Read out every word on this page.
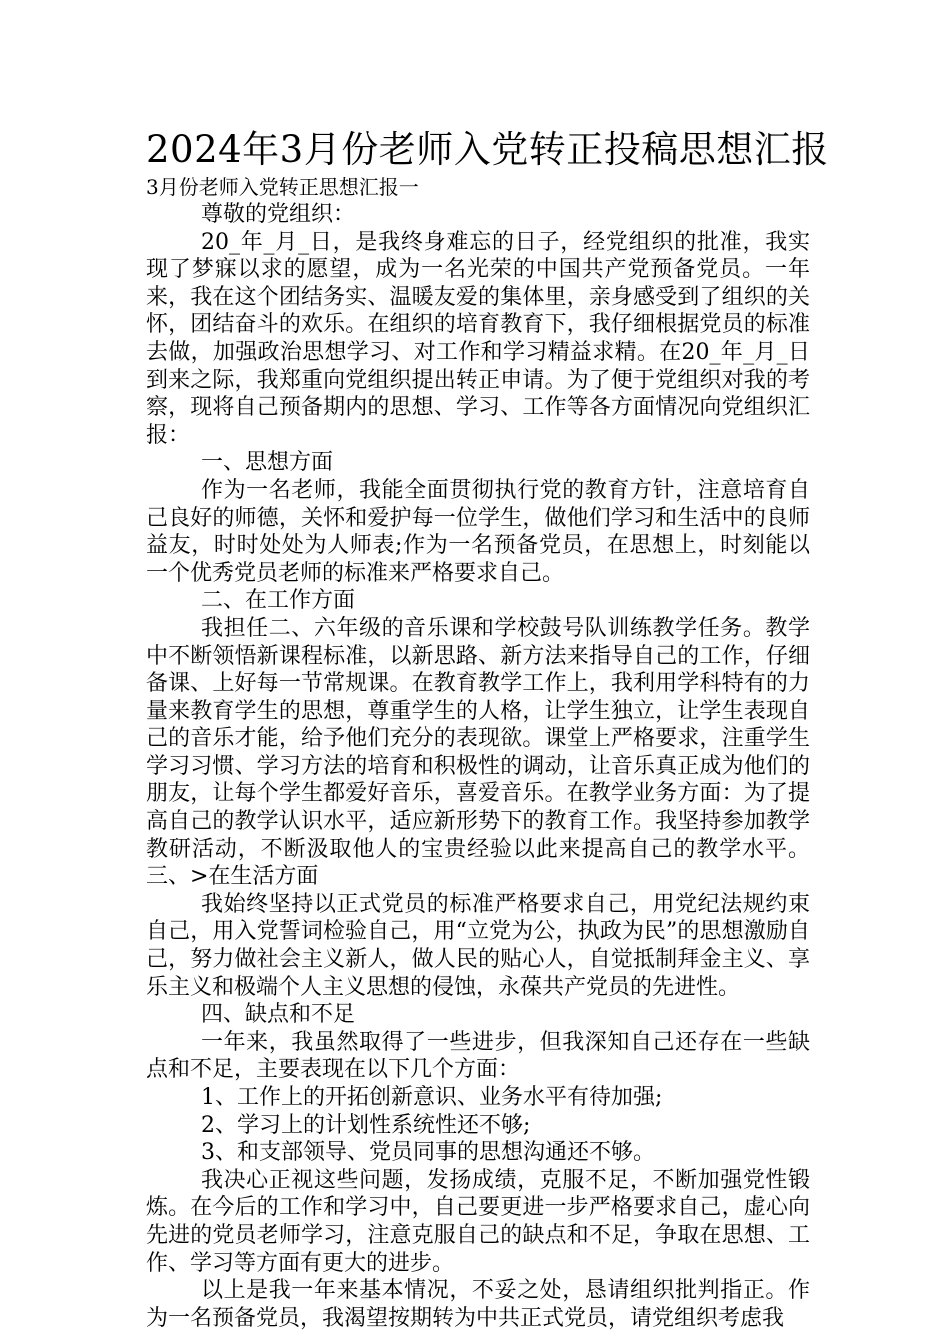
2024年3月份老师入党转正投稿思想汇报
3月份老师入党转正思想汇报一

尊敬的党组织：

20_年_月_日，是我终身难忘的日子，经党组织的批准，我实现了梦寐以求的愿望，成为一名光荣的中国共产党预备党员。一年来，我在这个团结务实、温暖友爱的集体里，亲身感受到了组织的关怀，团结奋斗的欢乐。在组织的培育教育下，我仔细根据党员的标准去做，加强政治思想学习、对工作和学习精益求精。在20_年_月_日到来之际，我郑重向党组织提出转正申请。为了便于党组织对我的考察，现将自己预备期内的思想、学习、工作等各方面情况向党组织汇报：

一、思想方面

作为一名老师，我能全面贯彻执行党的教育方针，注意培育自己良好的师德，关怀和爱护每一位学生，做他们学习和生活中的良师益友，时时处处为人师表;作为一名预备党员，在思想上，时刻能以一个优秀党员老师的标准来严格要求自己。

二、在工作方面

我担任二、六年级的音乐课和学校鼓号队训练教学任务。教学中不断领悟新课程标准，以新思路、新方法来指导自己的工作，仔细备课、上好每一节常规课。在教育教学工作上，我利用学科特有的力量来教育学生的思想，尊重学生的人格，让学生独立，让学生表现自己的音乐才能，给予他们充分的表现欲。课堂上严格要求，注重学生学习习惯、学习方法的培育和积极性的调动，让音乐真正成为他们的朋友，让每个学生都爱好音乐，喜爱音乐。在教学业务方面：为了提高自己的教学认识水平，适应新形势下的教育工作。我坚持参加教学教研活动，不断汲取他人的宝贵经验以此来提高自己的教学水平。三、>在生活方面

我始终坚持以正式党员的标准严格要求自己，用党纪法规约束自己，用入党誓词检验自己，用“立党为公，执政为民”的思想激励自己，努力做社会主义新人，做人民的贴心人，自觉抵制拜金主义、享乐主义和极端个人主义思想的侵蚀，永葆共产党员的先进性。

四、缺点和不足

一年来，我虽然取得了一些进步，但我深知自己还存在一些缺点和不足，主要表现在以下几个方面：

1、工作上的开拓创新意识、业务水平有待加强;

2、学习上的计划性系统性还不够;

3、和支部领导、党员同事的思想沟通还不够。

我决心正视这些问题，发扬成绩，克服不足，不断加强党性锻炼。在今后的工作和学习中，自己要更进一步严格要求自己，虚心向先进的党员老师学习，注意克服自己的缺点和不足，争取在思想、工作、学习等方面有更大的进步。

以上是我一年来基本情况，不妥之处，恳请组织批判指正。作为一名预备党员，我渴望按期转为中共正式党员，请党组织考虑我
